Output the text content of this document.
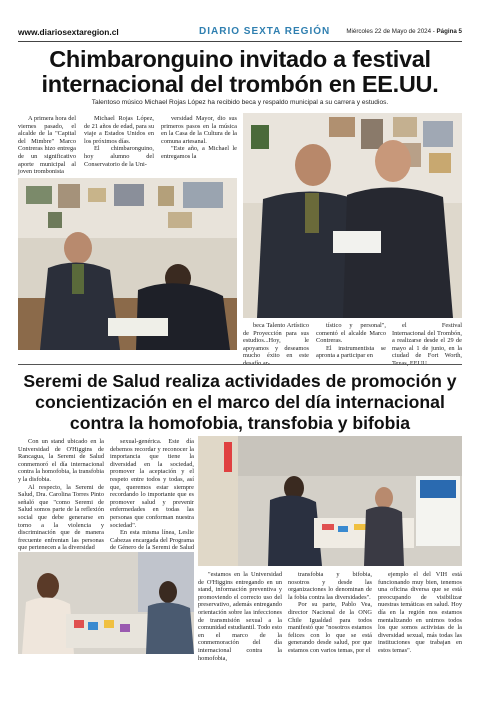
www.diariosextaregion.cl	DIARIO SEXTA REGIÓN	Miércoles 22 de Mayo de 2024 - Página 5
Chimbaronguino invitado a festival internacional del trombón en EE.UU.
Talentoso músico Michael Rojas López ha recibido beca y respaldo municipal a su carrera y estudios.

A primera hora del viernes pasado, el alcalde de la "Capital del Mimbre" Marco Contreras hizo entrega de un significativo aporte municipal al joven trombonista

Michael Rojas López, de 21 años de edad, para su viaje a Estados Unidos en los próximos días.

El chimbaronguino, hoy alumno del Conservatorio de la Uni-

versidad Mayor, dio sus primeros pasos en la música en la Casa de la Cultura de la comuna artesanal.

"Este año, a Michael le entregamos la

beca Talento Artístico de Proyección para sus estudios...Hoy, le apoyamos y deseamos mucho éxito en este

tístico y personal", comentó el alcalde Marco Contreras.

El instrumentista se apronta a participar en

el Festival Internacional del Trombón, a realizarse desde el 29 de mayo al 1 de junio, en la ciudad de Fort Worth,

Seremi de Salud realiza actividades de promoción y concientización en el marco del día internacional contra la homofobia, transfobia y bifobia

Con un stand ubicado en la Universidad de O'Higgins de Rancagua, la Seremi de Salud conmemoró el día internacional contra la homofobia, la transfobia y la disfobia.

Al respecto, la Seremi de Salud, Dra. Carolina Torres Pinto señaló que "como Seremi de Salud somos parte de la reflexión social que debe generarse en torno a la violencia y discriminación que de manera frecuente enfrentan las personas que pertenecen a la diversidad

sexual-genérica. Este día debemos recordar y reconocer la importancia que tiene la diversidad en la sociedad, promover la aceptación y el respeto entre todos y todas, así que, queremos estar siempre recordando lo importante que es promover salud y prevenir enfermedades en todas las personas que conforman nuestra sociedad".

En esta misma línea, Leslie Cabezas encargada del Programa de Género de la Seremi de Salud

"estamos en la Universidad de O'Higgins entregando en un stand, información preventiva y promoviendo el correcto uso del preservativo, además entregando orientación sobre las infecciones de transmisión sexual a la comunidad estudiantil. Todo esto en el marco de la conmemoración del día internacional contra la homofobia,

transfobia y bifobia, nosotros y desde las organizaciones lo denominan de la fobia contra las diversidades".

Por su parte, Pablo Vea, director Nacional de la ONG Chile Igualdad para todos manifestó que "nosotros estamos felices con lo que se está generando desde salud, por que estamos con varios temas, por el

ejemplo el del VIH está funcionando muy bien, tenemos una oficina diversa que se está preocupando de visibilizar nuestras temáticas en salud. Hoy día en la región nos estamos mentalizando en unirnos todos los que somos activistas de la diversidad sexual, más todas las instituciones que trabajan en estos temas".
